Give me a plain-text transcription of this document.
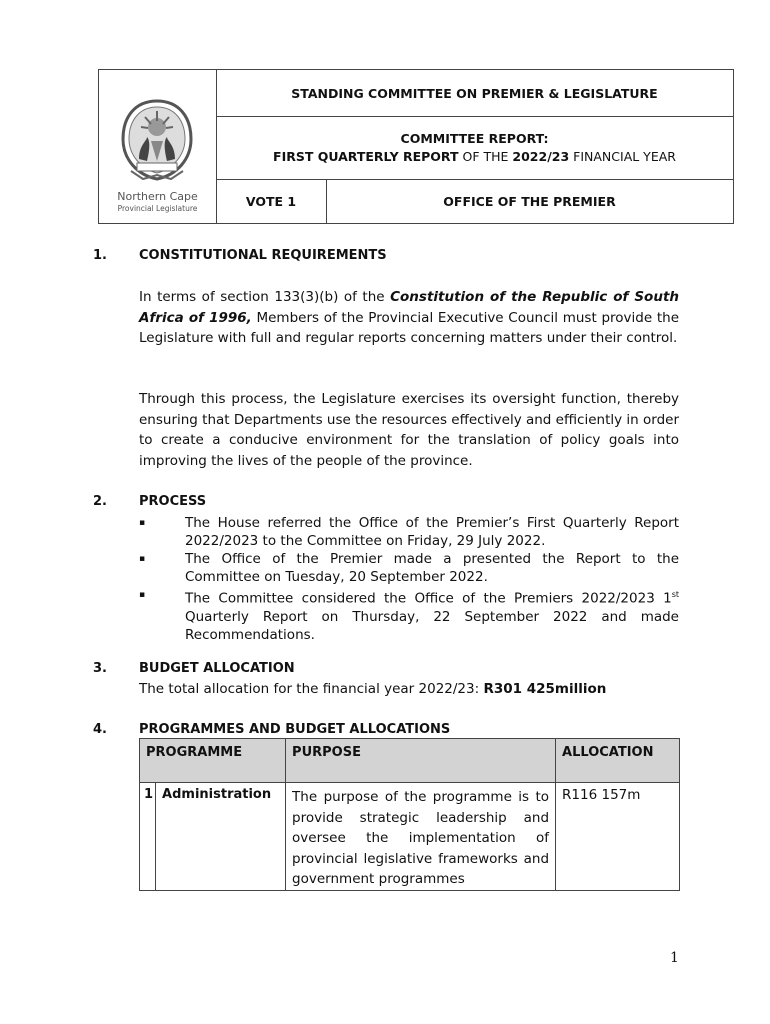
Northern Cape
Provincial Legislature
STANDING COMMITTEE ON PREMIER & LEGISLATURE
COMMITTEE REPORT:
FIRST QUARTERLY REPORT OF THE 2022/23 FINANCIAL YEAR
VOTE 1	OFFICE OF THE PREMIER
1. CONSTITUTIONAL REQUIREMENTS
In terms of section 133(3)(b) of the Constitution of the Republic of South Africa of 1996, Members of the Provincial Executive Council must provide the Legislature with full and regular reports concerning matters under their control.
Through this process, the Legislature exercises its oversight function, thereby ensuring that Departments use the resources effectively and efficiently in order to create a conducive environment for the translation of policy goals into improving the lives of the people of the province.
2. PROCESS
▪	The House referred the Office of the Premier’s First Quarterly Report 2022/2023 to the Committee on Friday, 29 July 2022.
▪	The Office of the Premier made a presented the Report to the Committee on Tuesday, 20 September 2022.
▪	The Committee considered the Office of the Premiers 2022/2023 1st Quarterly Report on Thursday, 22 September 2022 and made Recommendations.
3. BUDGET ALLOCATION
The total allocation for the financial year 2022/23: R301 425million
4. PROGRAMMES AND BUDGET ALLOCATIONS
PROGRAMME		PURPOSE	ALLOCATION
1	Administration	The purpose of the programme is to provide strategic leadership and oversee the implementation of provincial legislative frameworks and government programmes	R116 157m
1
